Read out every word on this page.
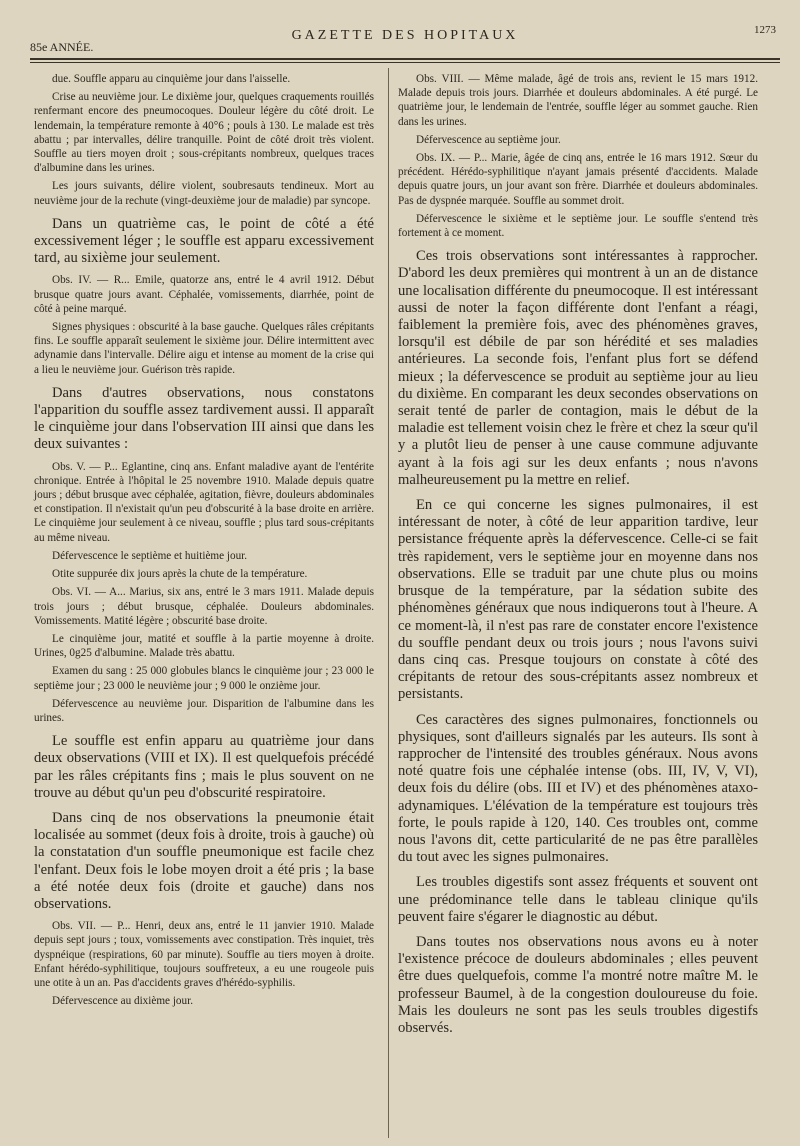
85e ANNÉE.
GAZETTE DES HOPITAUX	1273

due. Souffle apparu au cinquième jour dans l'aisselle.

Crise au neuvième jour. Le dixième jour, quelques craquements rouillés renfermant encore des pneumocoques. Douleur légère du côté droit. Le lendemain, la température remonte à 40°6 ; pouls à 130. Le malade est très abattu ; par intervalles, délire tranquille. Point de côté droit très violent. Souffle au tiers moyen droit ; sous-crépitants nombreux, quelques traces d'albumine dans les urines.

Les jours suivants, délire violent, soubresauts tendineux. Mort au neuvième jour de la rechute (vingt-deuxième jour de maladie) par syncope.

Dans un quatrième cas, le point de côté a été excessivement léger ; le souffle est apparu excessivement tard, au sixième jour seulement.

Obs. IV. — R... Emile, quatorze ans, entré le 4 avril 1912. Début brusque quatre jours avant. Céphalée, vomissements, diarrhée, point de côté à peine marqué.

Signes physiques : obscurité à la base gauche. Quelques râles crépitants fins. Le souffle apparaît seulement le sixième jour. Délire intermittent avec adynamie dans l'intervalle. Délire aigu et intense au moment de la crise qui a lieu le neuvième jour. Guérison très rapide.

Dans d'autres observations, nous constatons l'apparition du souffle assez tardivement aussi. Il apparaît le cinquième jour dans l'observation III ainsi que dans les deux suivantes :

Obs. V. — P... Eglantine, cinq ans. Enfant maladive ayant de l'entérite chronique. Entrée à l'hôpital le 25 novembre 1910. Malade depuis quatre jours ; début brusque avec céphalée, agitation, fièvre, douleurs abdominales et constipation. Il n'existait qu'un peu d'obscurité à la base droite en arrière. Le cinquième jour seulement à ce niveau, souffle ; plus tard sous-crépitants au même niveau.

Défervescence le septième et huitième jour.

Otite suppurée dix jours après la chute de la température.

Obs. VI. — A... Marius, six ans, entré le 3 mars 1911. Malade depuis trois jours ; début brusque, céphalée. Douleurs abdominales. Vomissements. Matité légère ; obscurité base droite.

Le cinquième jour, matité et souffle à la partie moyenne à droite. Urines, 0g25 d'albumine. Malade très abattu.

Examen du sang : 25 000 globules blancs le cinquième jour ; 23 000 le septième jour ; 23 000 le neuvième jour ; 9 000 le onzième jour.

Défervescence au neuvième jour. Disparition de l'albumine dans les urines.

Le souffle est enfin apparu au quatrième jour dans deux observations (VIII et IX). Il est quelquefois précédé par les râles crépitants fins ; mais le plus souvent on ne trouve au début qu'un peu d'obscurité respiratoire.

Dans cinq de nos observations la pneumonie était localisée au sommet (deux fois à droite, trois à gauche) où la constatation d'un souffle pneumonique est facile chez l'enfant. Deux fois le lobe moyen droit a été pris ; la base a été notée deux fois (droite et gauche) dans nos observations.

Obs. VII. — P... Henri, deux ans, entré le 11 janvier 1910. Malade depuis sept jours ; toux, vomissements avec constipation. Très inquiet, très dyspnéique (respirations, 60 par minute). Souffle au tiers moyen à droite. Enfant hérédo-syphilitique, toujours souffreteux, a eu une rougeole puis une otite à un an. Pas d'accidents graves d'hérédo-syphilis.

Défervescence au dixième jour.

Obs. VIII. — Même malade, âgé de trois ans, revient le 15 mars 1912. Malade depuis trois jours. Diarrhée et douleurs abdominales. A été purgé. Le quatrième jour, le lendemain de l'entrée, souffle léger au sommet gauche. Rien dans les urines.

Défervescence au septième jour.

Obs. IX. — P... Marie, âgée de cinq ans, entrée le 16 mars 1912. Sœur du précédent. Hérédo-syphilitique n'ayant jamais présenté d'accidents. Malade depuis quatre jours, un jour avant son frère. Diarrhée et douleurs abdominales. Pas de dyspnée marquée. Souffle au sommet droit.

Défervescence le sixième et le septième jour. Le souffle s'entend très fortement à ce moment.

Ces trois observations sont intéressantes à rapprocher. D'abord les deux premières qui montrent à un an de distance une localisation différente du pneumocoque. Il est intéressant aussi de noter la façon différente dont l'enfant a réagi, faiblement la première fois, avec des phénomènes graves, lorsqu'il est débile de par son hérédité et ses maladies antérieures. La seconde fois, l'enfant plus fort se défend mieux ; la défervescence se produit au septième jour au lieu du dixième. En comparant les deux secondes observations on serait tenté de parler de contagion, mais le début de la maladie est tellement voisin chez le frère et chez la sœur qu'il y a plutôt lieu de penser à une cause commune adjuvante ayant à la fois agi sur les deux enfants ; nous n'avons malheureusement pu la mettre en relief.

En ce qui concerne les signes pulmonaires, il est intéressant de noter, à côté de leur apparition tardive, leur persistance fréquente après la défervescence. Celle-ci se fait très rapidement, vers le septième jour en moyenne dans nos observations. Elle se traduit par une chute plus ou moins brusque de la température, par la sédation subite des phénomènes généraux que nous indiquerons tout à l'heure. A ce moment-là, il n'est pas rare de constater encore l'existence du souffle pendant deux ou trois jours ; nous l'avons suivi dans cinq cas. Presque toujours on constate à côté des crépitants de retour des sous-crépitants assez nombreux et persistants.

Ces caractères des signes pulmonaires, fonctionnels ou physiques, sont d'ailleurs signalés par les auteurs. Ils sont à rapprocher de l'intensité des troubles généraux. Nous avons noté quatre fois une céphalée intense (obs. III, IV, V, VI), deux fois du délire (obs. III et IV) et des phénomènes ataxo-adynamiques. L'élévation de la température est toujours très forte, le pouls rapide à 120, 140. Ces troubles ont, comme nous l'avons dit, cette particularité de ne pas être parallèles du tout avec les signes pulmonaires.

Les troubles digestifs sont assez fréquents et souvent ont une prédominance telle dans le tableau clinique qu'ils peuvent faire s'égarer le diagnostic au début.

Dans toutes nos observations nous avons eu à noter l'existence précoce de douleurs abdominales ; elles peuvent être dues quelquefois, comme l'a montré notre maître M. le professeur Baumel, à de la congestion douloureuse du foie. Mais les douleurs ne sont pas les seuls troubles digestifs observés.
